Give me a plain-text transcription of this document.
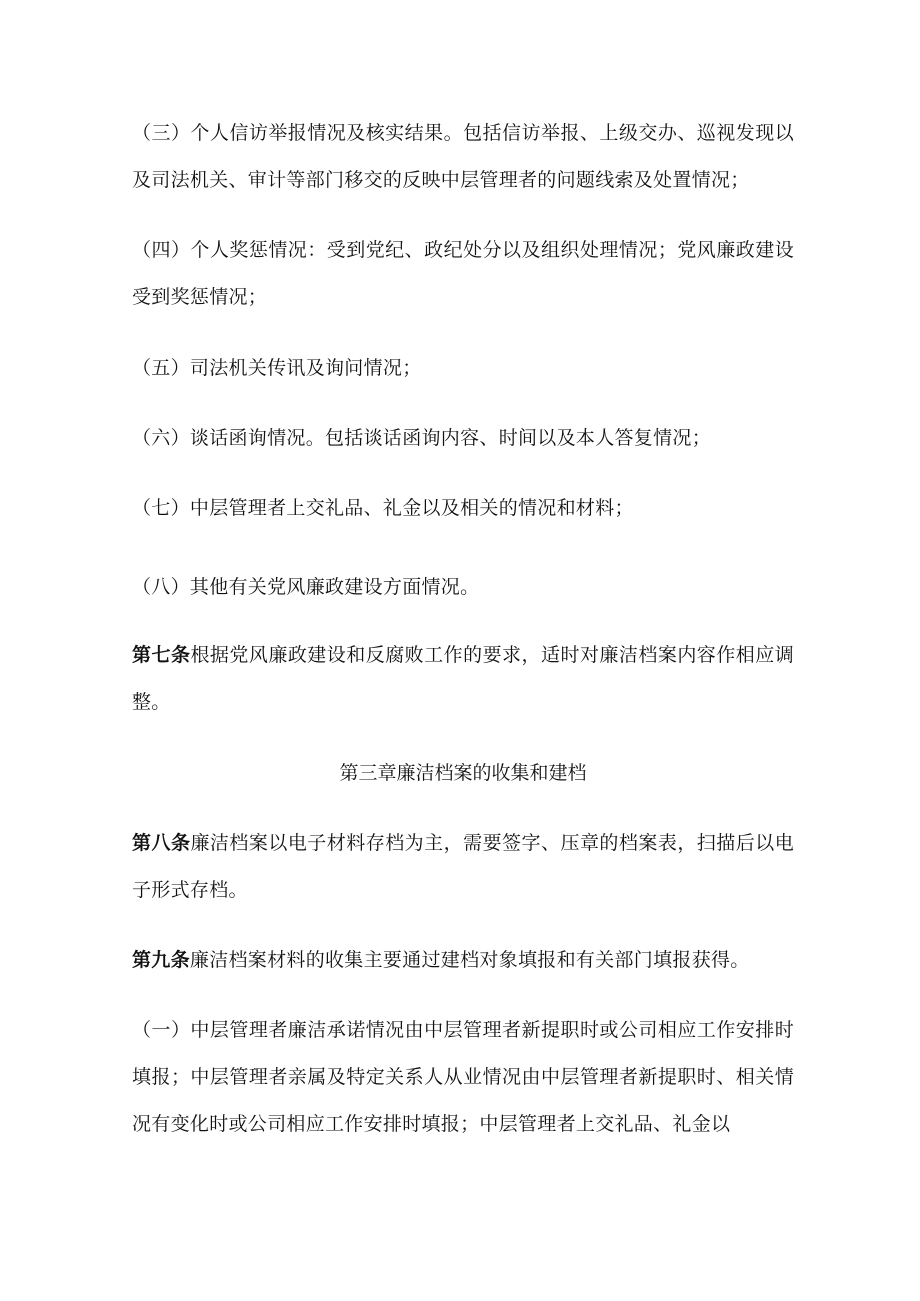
（三）个人信访举报情况及核实结果。包括信访举报、上级交办、巡视发现以及司法机关、审计等部门移交的反映中层管理者的问题线索及处置情况；

（四）个人奖惩情况：受到党纪、政纪处分以及组织处理情况；党风廉政建设受到奖惩情况；

（五）司法机关传讯及询问情况；

（六）谈话函询情况。包括谈话函询内容、时间以及本人答复情况；

（七）中层管理者上交礼品、礼金以及相关的情况和材料；

（八）其他有关党风廉政建设方面情况。

第七条根据党风廉政建设和反腐败工作的要求，适时对廉洁档案内容作相应调整。

第三章廉洁档案的收集和建档

第八条廉洁档案以电子材料存档为主，需要签字、压章的档案表，扫描后以电子形式存档。

第九条廉洁档案材料的收集主要通过建档对象填报和有关部门填报获得。

（一）中层管理者廉洁承诺情况由中层管理者新提职时或公司相应工作安排时填报；中层管理者亲属及特定关系人从业情况由中层管理者新提职时、相关情况有变化时或公司相应工作安排时填报；中层管理者上交礼品、礼金以
